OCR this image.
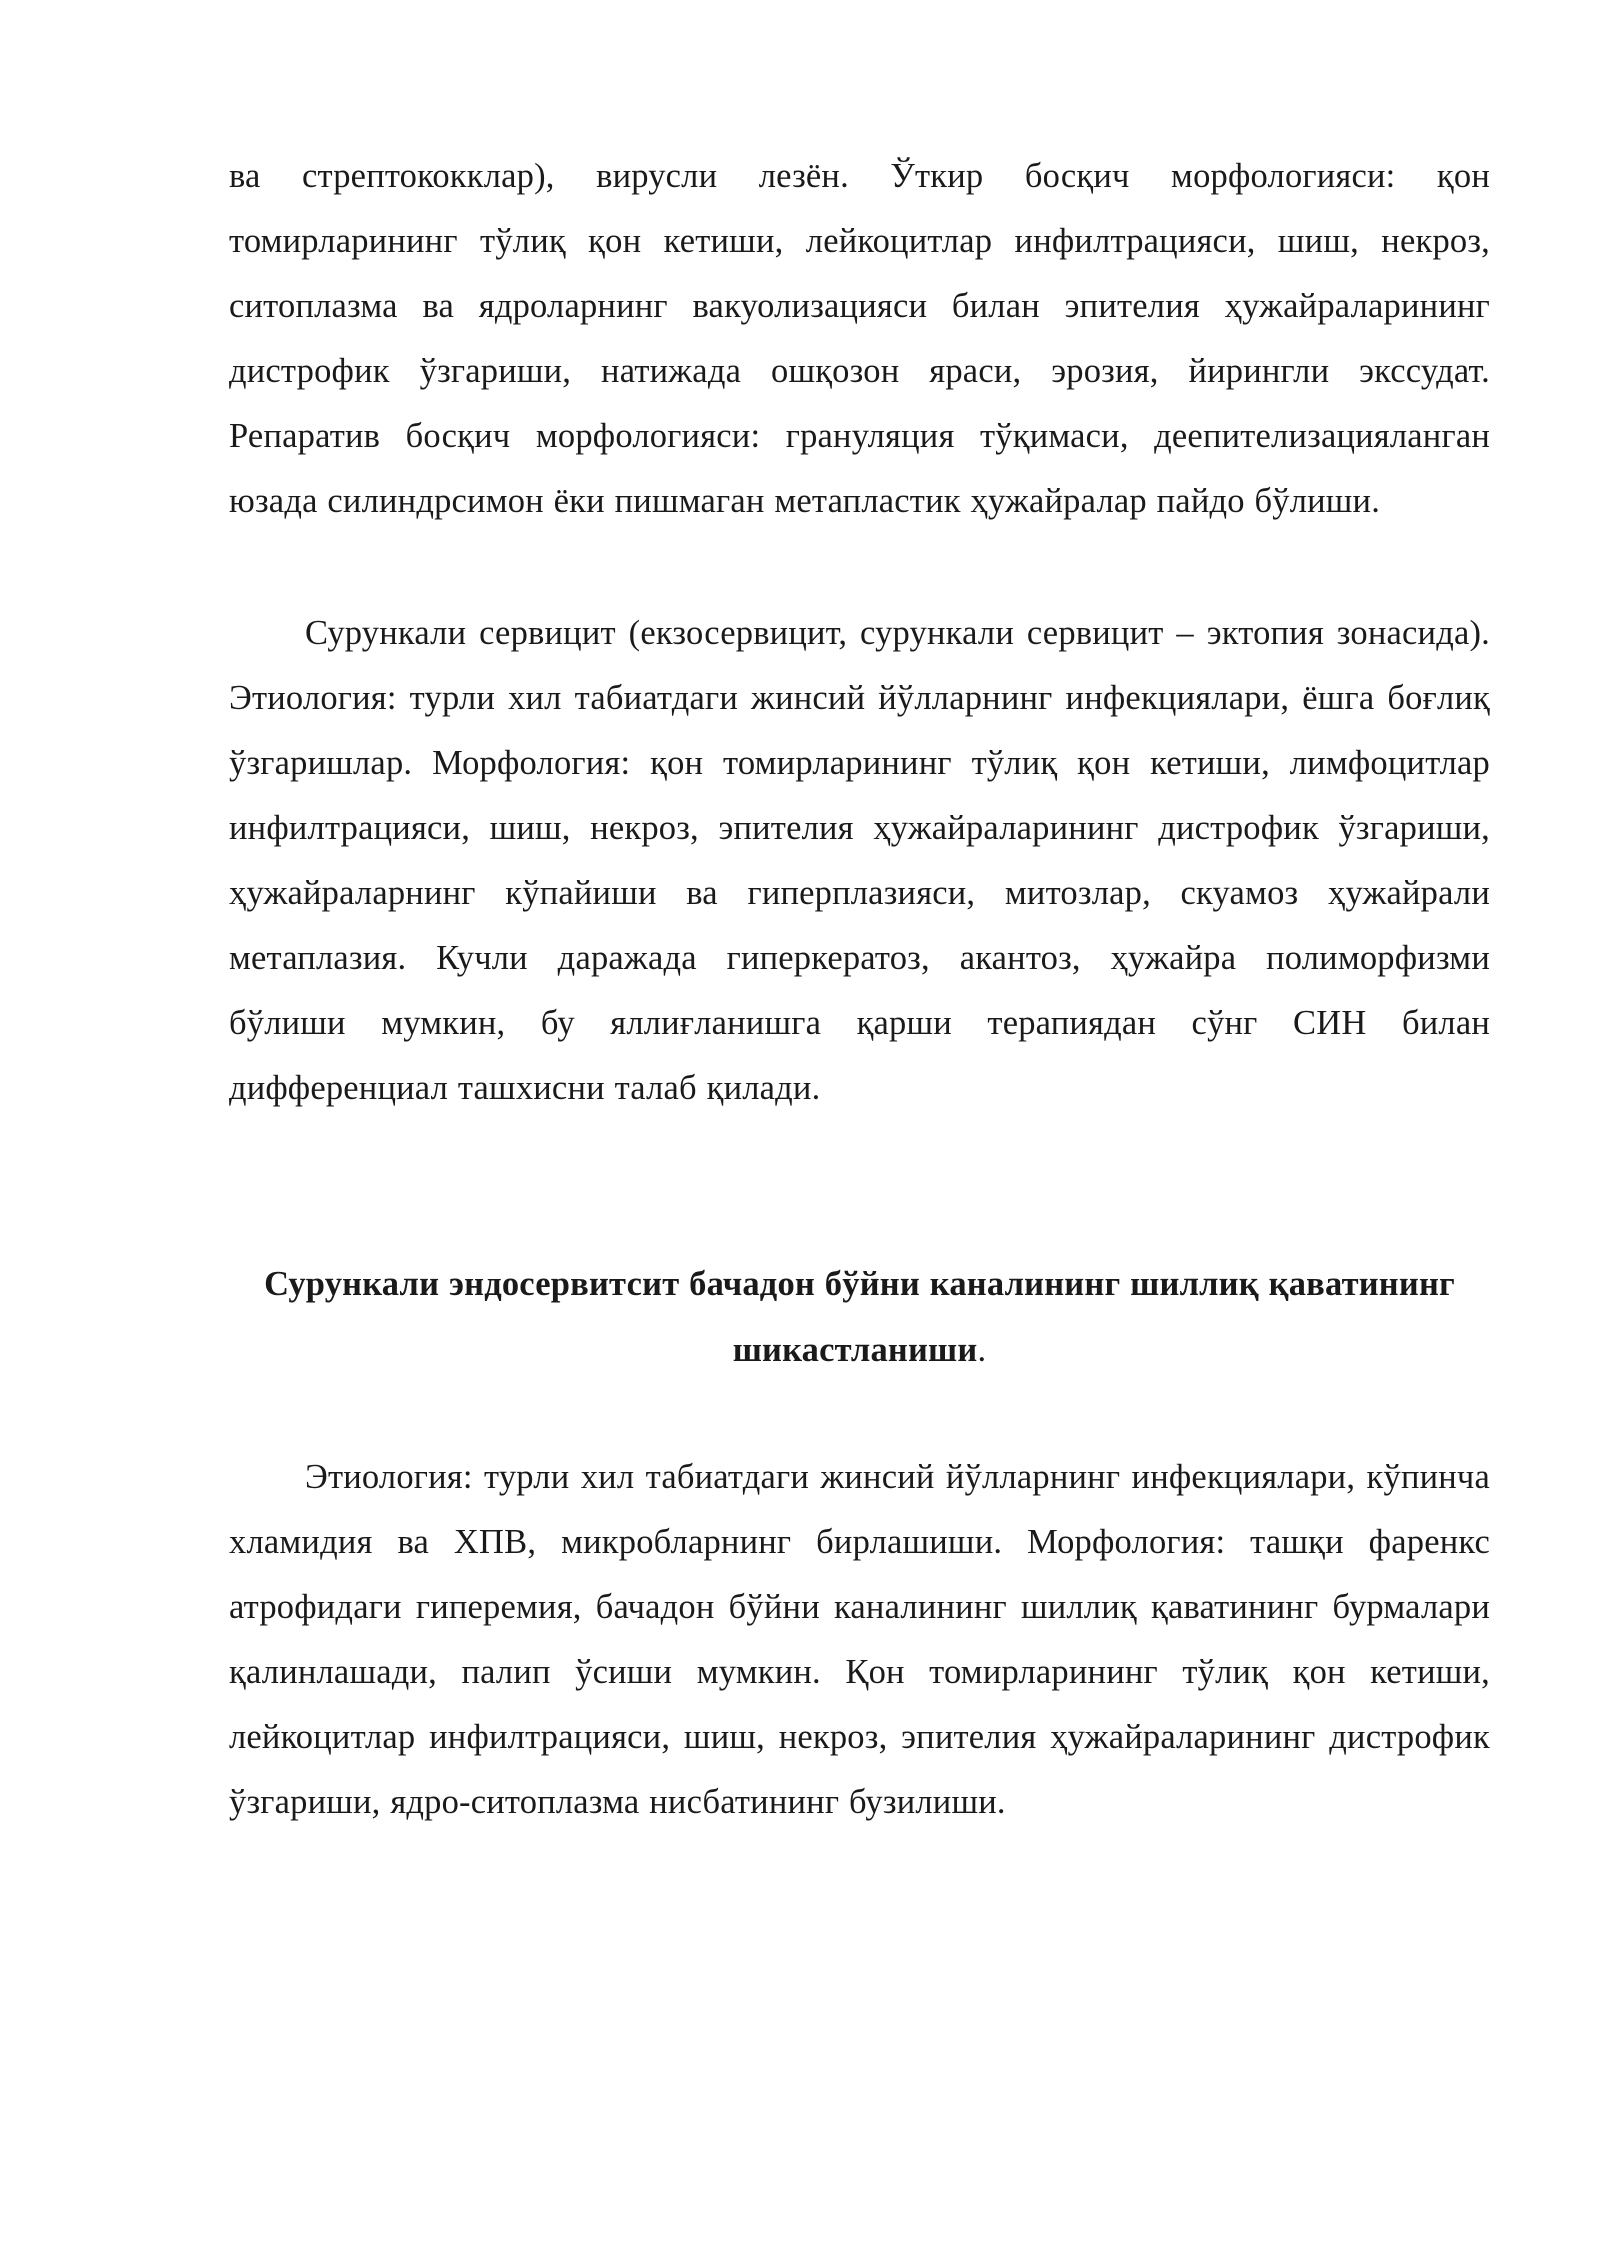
ва стрептококклар), вирусли лезён. Ўткир босқич морфологияси: қон томирларининг тўлиқ қон кетиши, лейкоцитлар инфилтрацияси, шиш, некроз, ситоплазма ва ядроларнинг вакуолизацияси билан эпителия ҳужайраларининг дистрофик ўзгариши, натижада ошқозон яраси, эрозия, йирингли экссудат. Репаратив босқич морфологияси: грануляция тўқимаси, деепителизацияланган юзада силиндрсимон ёки пишмаган метапластик ҳужайралар пайдо бўлиши.

Сурункали сервицит (екзосервицит, сурункали сервицит – эктопия зонасида). Этиология: турли хил табиатдаги жинсий йўлларнинг инфекциялари, ёшга боғлиқ ўзгаришлар. Морфология: қон томирларининг тўлиқ қон кетиши, лимфоцитлар инфилтрацияси, шиш, некроз, эпителия ҳужайраларининг дистрофик ўзгариши, ҳужайраларнинг кўпайиши ва гиперплазияси, митозлар, скуамоз ҳужайрали метаплазия. Кучли даражада гиперкератоз, акантоз, ҳужайра полиморфизми бўлиши мумкин, бу яллиғланишга қарши терапиядан сўнг СИН билан дифференциал ташхисни талаб қилади.

Сурункали эндосервитсит бачадон бўйни каналининг шиллиқ қаватининг шикастланиши.

Этиология: турли хил табиатдаги жинсий йўлларнинг инфекциялари, кўпинча хламидия ва ХПВ, микробларнинг бирлашиши. Морфология: ташқи фаренкс атрофидаги гиперемия, бачадон бўйни каналининг шиллиқ қаватининг бурмалари қалинлашади, палип ўсиши мумкин. Қон томирларининг тўлиқ қон кетиши, лейкоцитлар инфилтрацияси, шиш, некроз, эпителия ҳужайраларининг дистрофик ўзгариши, ядро-ситоплазма нисбатининг бузилиши.
